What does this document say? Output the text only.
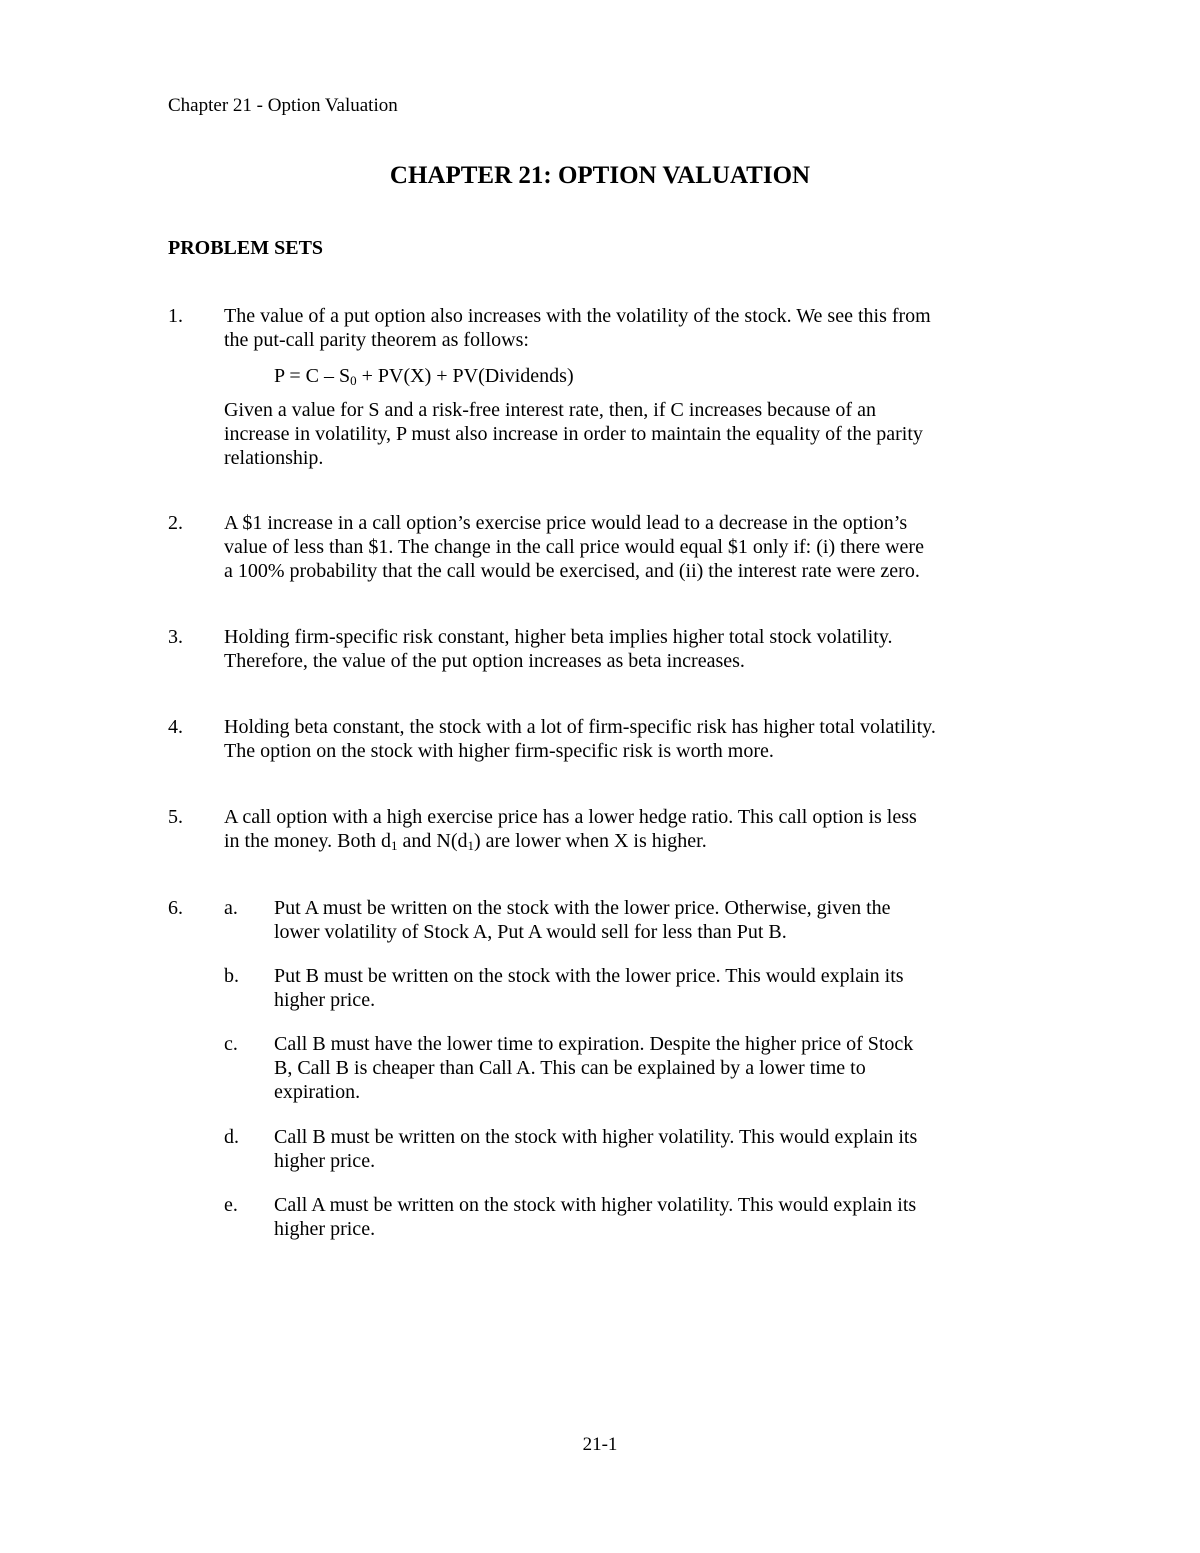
Chapter 21 - Option Valuation
CHAPTER 21: OPTION VALUATION
PROBLEM SETS
1. The value of a put option also increases with the volatility of the stock. We see this from
the put-call parity theorem as follows:
$P = C - S_0 + PV(X)$ + PV(Dividends)
Given a value for S and a risk-free interest rate, then, if C increases because of an
increase in volatility, P must also increase in order to maintain the equality of the parity
relationship.
2. A $1 increase in a call option’s exercise price would lead to a decrease in the option’s
value of less than $1. The change in the call price would equal $1 only if: (i) there were
a 100% probability that the call would be exercised, and (ii) the interest rate were zero.
3. Holding firm-specific risk constant, higher beta implies higher total stock volatility.
Therefore, the value of the put option increases as beta increases.
4. Holding beta constant, the stock with a lot of firm-specific risk has higher total volatility.
The option on the stock with higher firm-specific risk is worth more.
5. A call option with a high exercise price has a lower hedge ratio. This call option is less
in the money. Both $d_1$ and $N(d_1)$ are lower when X is higher.
6. a. Put A must be written on the stock with the lower price. Otherwise, given the
lower volatility of Stock A, Put A would sell for less than Put B.
b. Put B must be written on the stock with the lower price. This would explain its
higher price.
c. Call B must have the lower time to expiration. Despite the higher price of Stock
B, Call B is cheaper than Call A. This can be explained by a lower time to
expiration.
d. Call B must be written on the stock with higher volatility. This would explain its
higher price.
e. Call A must be written on the stock with higher volatility. This would explain its
higher price.
21-1
